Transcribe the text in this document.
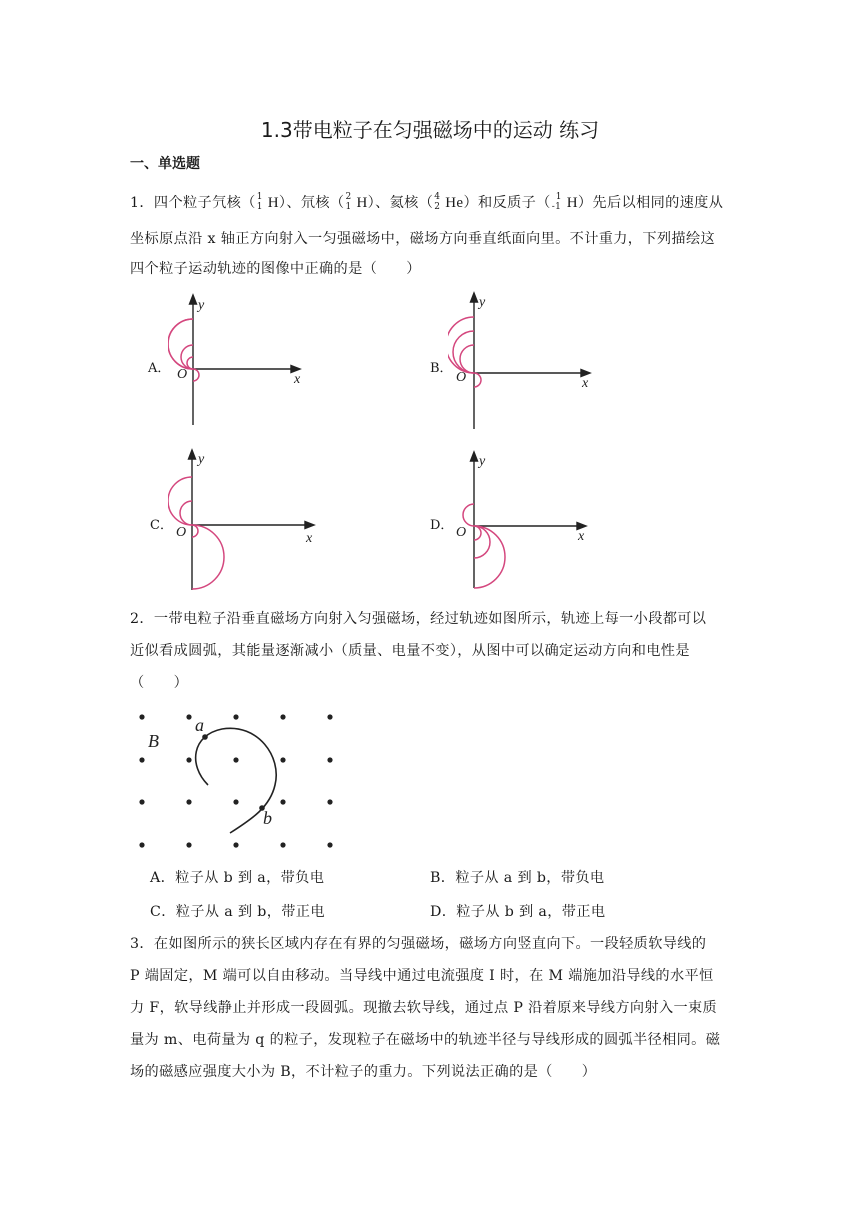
1.3带电粒子在匀强磁场中的运动 练习
一、单选题
1．四个粒子氕核（ 1
1 H）、氘核（ 2
1 H）、氦核（ 4
2 He）和反质子（ 1
-1 H）先后以相同的速度从
坐标原点沿 x 轴正方向射入一匀强磁场中，磁场方向垂直纸面向里。不计重力，下列描绘这
四个粒子运动轨迹的图像中正确的是（　　）
A．
y
x
O	B．
y
x
O
C．
y
x
O	D．
y
x
O
2．一带电粒子沿垂直磁场方向射入匀强磁场，经过轨迹如图所示，轨迹上每一小段都可以
近似看成圆弧，其能量逐渐减小（质量、电量不变），从图中可以确定运动方向和电性是
（　　）
a
b
B
A．粒子从 b 到 a，带负电	B．粒子从 a 到 b，带负电
C．粒子从 a 到 b，带正电	D．粒子从 b 到 a，带正电
3．在如图所示的狭长区域内存在有界的匀强磁场，磁场方向竖直向下。一段轻质软导线的
P 端固定，M 端可以自由移动。当导线中通过电流强度 I 时，在 M 端施加沿导线的水平恒
力 F，软导线静止并形成一段圆弧。现撤去软导线，通过点 P 沿着原来导线方向射入一束质
量为 m、电荷量为 q 的粒子，发现粒子在磁场中的轨迹半径与导线形成的圆弧半径相同。磁
场的磁感应强度大小为 B，不计粒子的重力。下列说法正确的是（　　）
